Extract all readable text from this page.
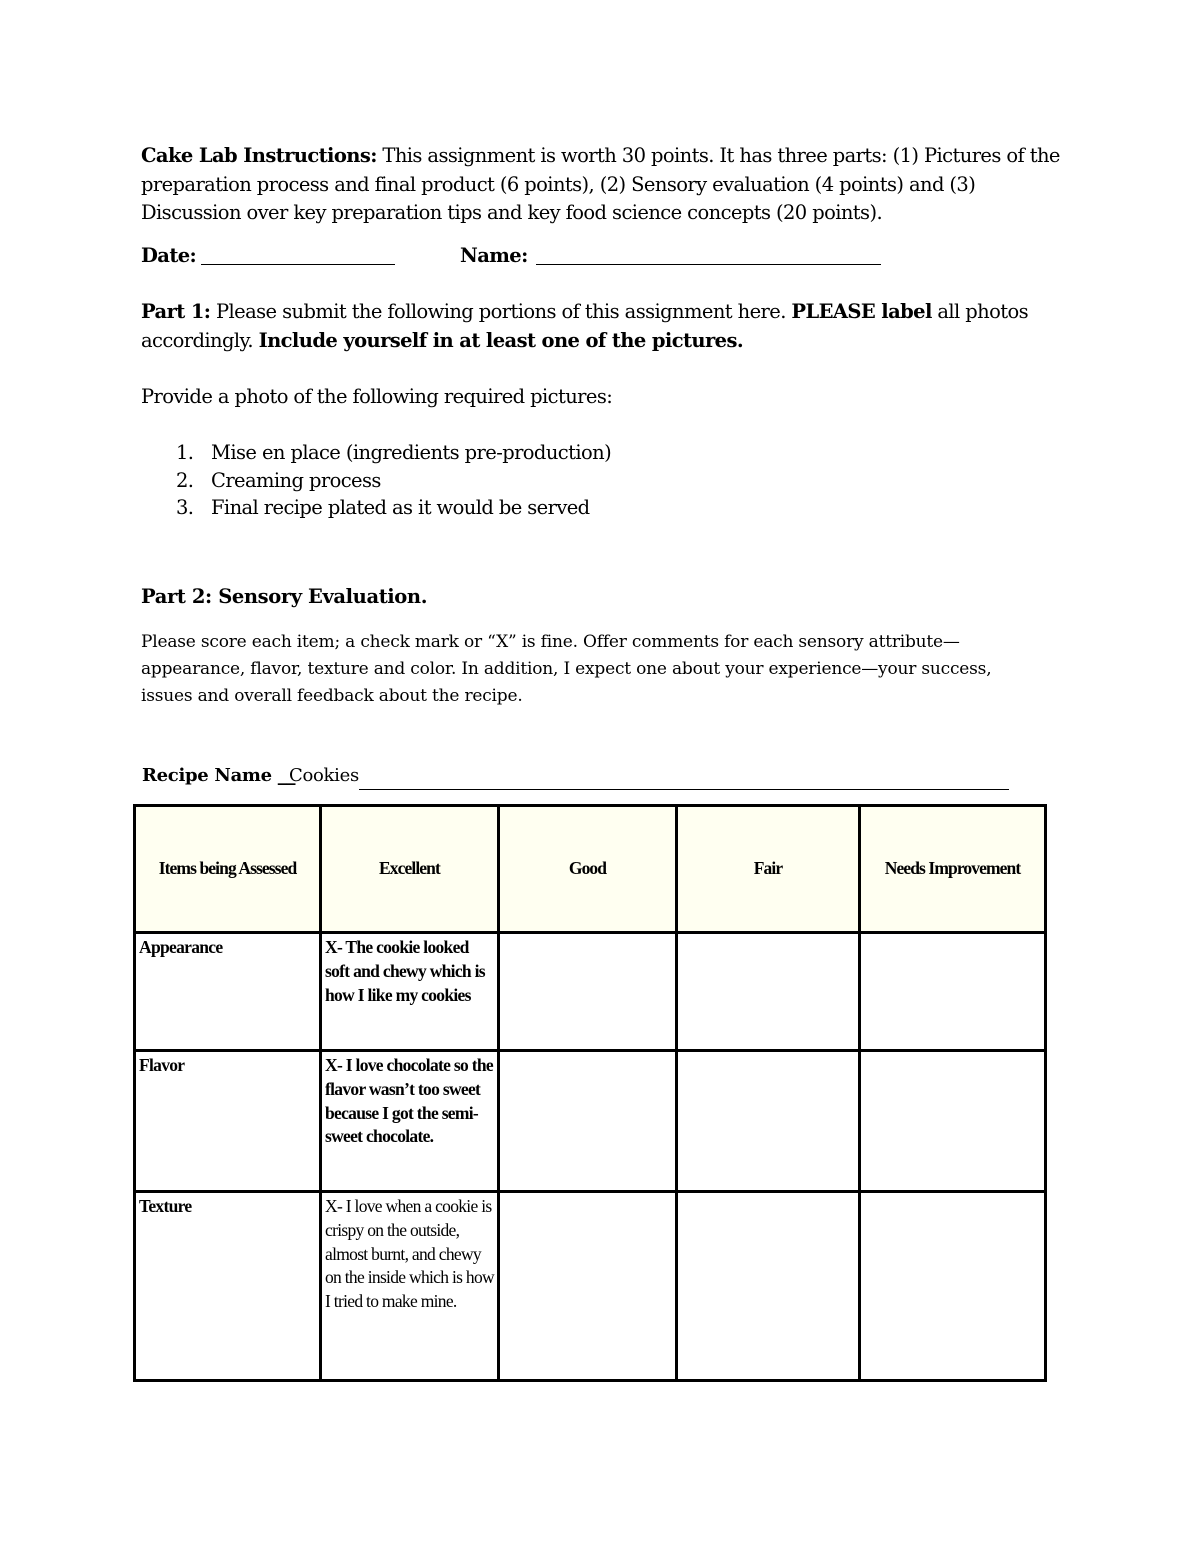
Cake Lab Instructions: This assignment is worth 30 points. It has three parts: (1) Pictures of the preparation process and final product (6 points), (2) Sensory evaluation (4 points) and (3) Discussion over key preparation tips and key food science concepts (20 points).
Date:	Name:
Part 1: Please submit the following portions of this assignment here. PLEASE label all photos accordingly. Include yourself in at least one of the pictures.
Provide a photo of the following required pictures:
1. Mise en place (ingredients pre-production)
2. Creaming process
3. Final recipe plated as it would be served
Part 2: Sensory Evaluation.
Please score each item; a check mark or “X” is fine. Offer comments for each sensory attribute—appearance, flavor, texture and color. In addition, I expect one about your experience—your success, issues and overall feedback about the recipe.
Recipe Name __
Cookies
Items being Assessed	Excellent	Good	Fair	Needs Improvement
Appearance	X- The cookie looked soft and chewy which is how I like my cookies			
Flavor	X- I love chocolate so the flavor wasn’t too sweet because I got the semi-sweet chocolate.			
Texture	X- I love when a cookie is crispy on the outside, almost burnt, and chewy on the inside which is how I tried to make mine.			
